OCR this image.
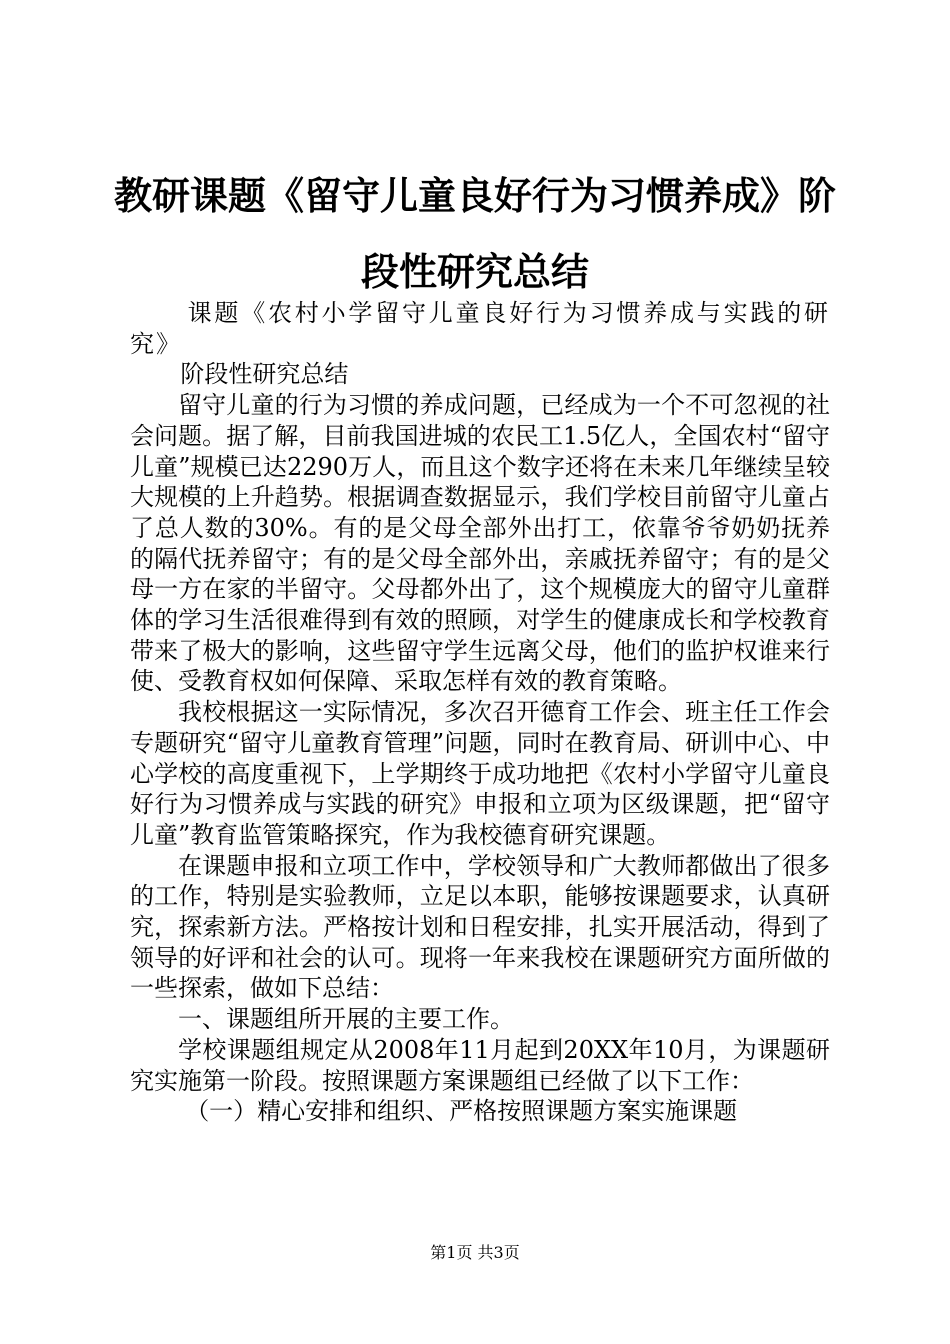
教研课题《留守儿童良好行为习惯养成》阶段性研究总结

课题《农村小学留守儿童良好行为习惯养成与实践的研究》

阶段性研究总结

留守儿童的行为习惯的养成问题，已经成为一个不可忽视的社会问题。据了解，目前我国进城的农民工1.5亿人，全国农村“留守儿童”规模已达2290万人，而且这个数字还将在未来几年继续呈较大规模的上升趋势。根据调查数据显示，我们学校目前留守儿童占了总人数的30%。有的是父母全部外出打工，依靠爷爷奶奶抚养的隔代抚养留守；有的是父母全部外出，亲戚抚养留守；有的是父母一方在家的半留守。父母都外出了，这个规模庞大的留守儿童群体的学习生活很难得到有效的照顾，对学生的健康成长和学校教育带来了极大的影响，这些留守学生远离父母，他们的监护权谁来行使、受教育权如何保障、采取怎样有效的教育策略。

我校根据这一实际情况，多次召开德育工作会、班主任工作会专题研究“留守儿童教育管理”问题，同时在教育局、研训中心、中心学校的高度重视下，上学期终于成功地把《农村小学留守儿童良好行为习惯养成与实践的研究》申报和立项为区级课题，把“留守儿童”教育监管策略探究，作为我校德育研究课题。

在课题申报和立项工作中，学校领导和广大教师都做出了很多的工作，特别是实验教师，立足以本职，能够按课题要求，认真研究，探索新方法。严格按计划和日程安排，扎实开展活动，得到了领导的好评和社会的认可。现将一年来我校在课题研究方面所做的一些探索，做如下总结：

一、课题组所开展的主要工作。

学校课题组规定从2008年11月起到20XX年10月，为课题研究实施第一阶段。按照课题方案课题组已经做了以下工作：

（一）精心安排和组织、严格按照课题方案实施课题

第1页 共3页
